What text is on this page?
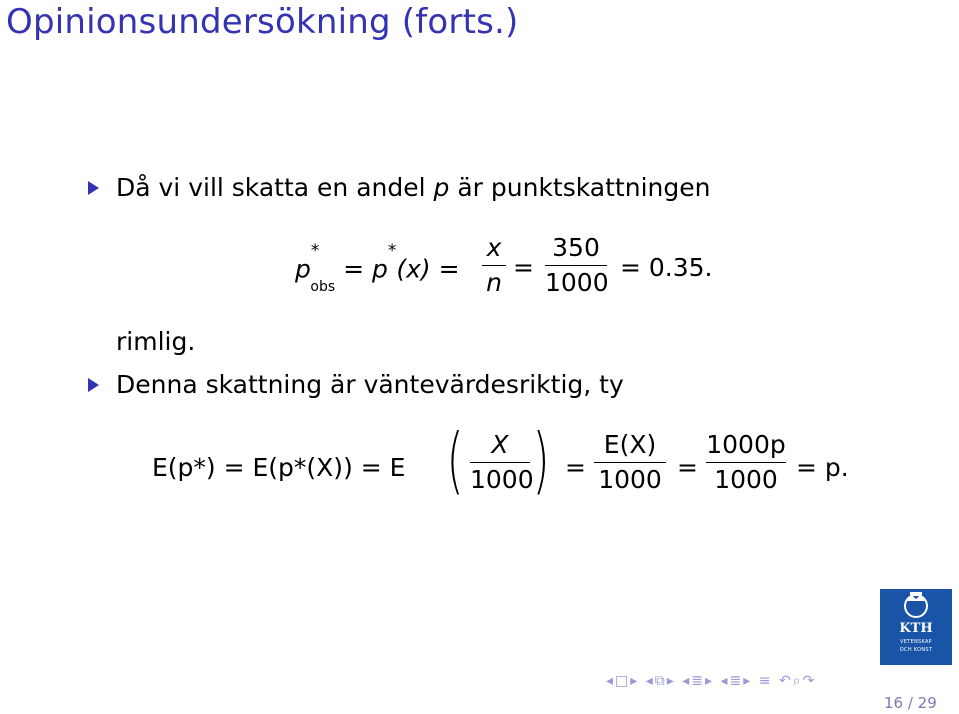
Opinionsundersökning (forts.)
Då vi vill skatta en andel p är punktskattningen
$p^*_{obs} = p^*(x)$ =
x
n
=
350
1000
= 0.35.
rimlig.
Denna skattning är väntevärdesriktig, ty
E(p*) = E(p*(X)) = E (	X
1000
) =
E(X)
1000 =
1000p
1000 = p.
KTH
VETENSKAP
OCH KONST
◂□▸ ◂⧉▸ ◂≣▸ ◂≣▸ ≡ ↶⌕↷
16 / 29
